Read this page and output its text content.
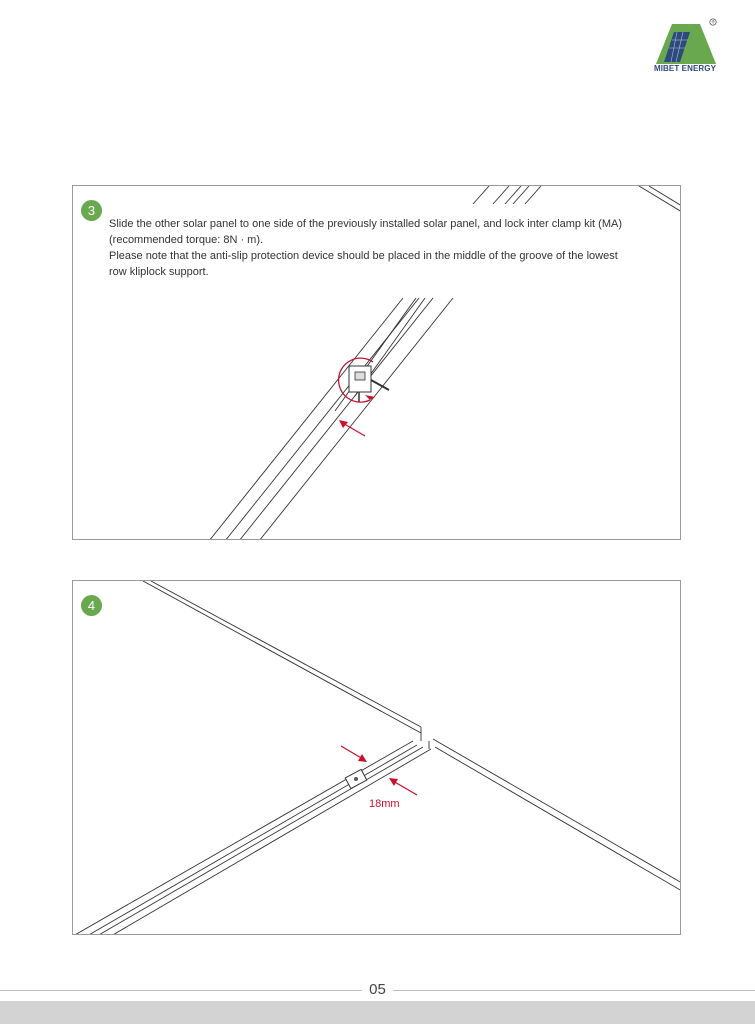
®
MIBET ENERGY
3

Slide the other solar panel to one side of the previously installed solar panel, and lock inter clamp kit (MA)

(recommended torque: 8N · m).

Please note that the anti-slip protection device should be placed in the middle of the groove of the lowest

row kliplock support.

4
18mm
05
